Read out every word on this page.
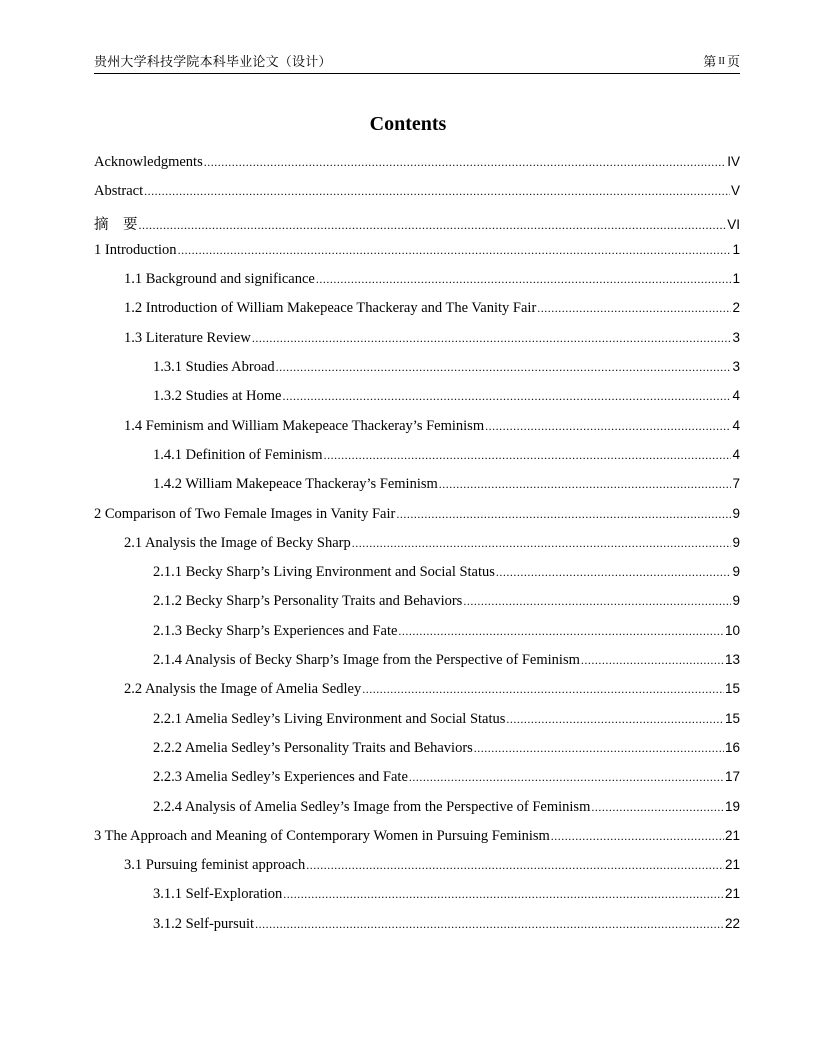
贵州大学科技学院本科毕业论文（设计）	第 II 页
Contents
Acknowledgments .....	IV
Abstract .....	V
摘　要 .....	VI
1 Introduction .....	1
1.1 Background and significance .....	1
1.2 Introduction of William Makepeace Thackeray and The Vanity Fair .....	2
1.3 Literature Review .....	3
1.3.1 Studies Abroad .....	3
1.3.2 Studies at Home .....	4
1.4 Feminism and William Makepeace Thackeray’s Feminism .....	4
1.4.1 Definition of Feminism .....	4
1.4.2 William Makepeace Thackeray’s Feminism .....	7
2 Comparison of Two Female Images in Vanity Fair .....	9
2.1 Analysis the Image of Becky Sharp .....	9
2.1.1 Becky Sharp’s Living Environment and Social Status .....	9
2.1.2 Becky Sharp’s Personality Traits and Behaviors .....	9
2.1.3 Becky Sharp’s Experiences and Fate .....	10
2.1.4 Analysis of Becky Sharp’s Image from the Perspective of Feminism .....	13
2.2 Analysis the Image of Amelia Sedley .....	15
2.2.1 Amelia Sedley’s Living Environment and Social Status .....	15
2.2.2 Amelia Sedley’s Personality Traits and Behaviors .....	16
2.2.3 Amelia Sedley’s Experiences and Fate .....	17
2.2.4 Analysis of Amelia Sedley’s Image from the Perspective of Feminism .....	19
3 The Approach and Meaning of Contemporary Women in Pursuing Feminism .....	21
3.1 Pursuing feminist approach .....	21
3.1.1 Self-Exploration .....	21
3.1.2 Self-pursuit .....	22
